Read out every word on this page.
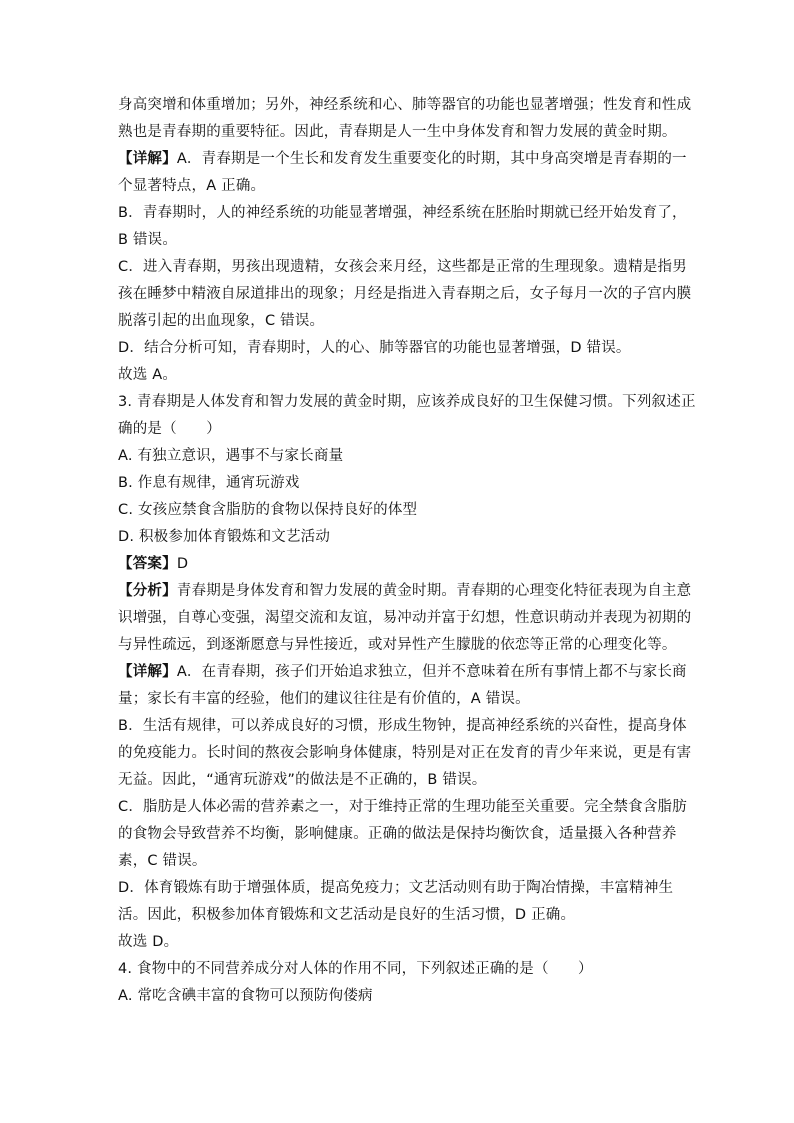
身高突增和体重增加；另外，神经系统和心、肺等器官的功能也显著增强；性发育和性成
熟也是青春期的重要特征。因此，青春期是人一生中身体发育和智力发展的黄金时期。
【详解】A．青春期是一个生长和发育发生重要变化的时期，其中身高突增是青春期的一
个显著特点，A 正确。
B．青春期时，人的神经系统的功能显著增强，神经系统在胚胎时期就已经开始发育了，
B 错误。
C．进入青春期，男孩出现遗精，女孩会来月经，这些都是正常的生理现象。遗精是指男
孩在睡梦中精液自尿道排出的现象；月经是指进入青春期之后，女子每月一次的子宫内膜
脱落引起的出血现象，C 错误。
D．结合分析可知，青春期时，人的心、肺等器官的功能也显著增强，D 错误。
故选 A。
3. 青春期是人体发育和智力发展的黄金时期，应该养成良好的卫生保健习惯。下列叙述正
确的是（　　）
A. 有独立意识，遇事不与家长商量
B. 作息有规律，通宵玩游戏
C. 女孩应禁食含脂肪的食物以保持良好的体型
D. 积极参加体育锻炼和文艺活动
【答案】D
【分析】青春期是身体发育和智力发展的黄金时期。青春期的心理变化特征表现为自主意
识增强，自尊心变强，渴望交流和友谊，易冲动并富于幻想，性意识萌动并表现为初期的
与异性疏远，到逐渐愿意与异性接近，或对异性产生朦胧的依恋等正常的心理变化等。
【详解】A．在青春期，孩子们开始追求独立，但并不意味着在所有事情上都不与家长商
量；家长有丰富的经验，他们的建议往往是有价值的，A 错误。
B．生活有规律，可以养成良好的习惯，形成生物钟，提高神经系统的兴奋性，提高身体
的免疫能力。长时间的熬夜会影响身体健康，特别是对正在发育的青少年来说，更是有害
无益。因此，“通宵玩游戏”的做法是不正确的，B 错误。
C．脂肪是人体必需的营养素之一，对于维持正常的生理功能至关重要。完全禁食含脂肪
的食物会导致营养不均衡，影响健康。正确的做法是保持均衡饮食，适量摄入各种营养
素，C 错误。
D．体育锻炼有助于增强体质，提高免疫力；文艺活动则有助于陶冶情操，丰富精神生
活。因此，积极参加体育锻炼和文艺活动是良好的生活习惯，D 正确。
故选 D。
4. 食物中的不同营养成分对人体的作用不同，下列叙述正确的是（　　）
A. 常吃含碘丰富的食物可以预防佝偻病
